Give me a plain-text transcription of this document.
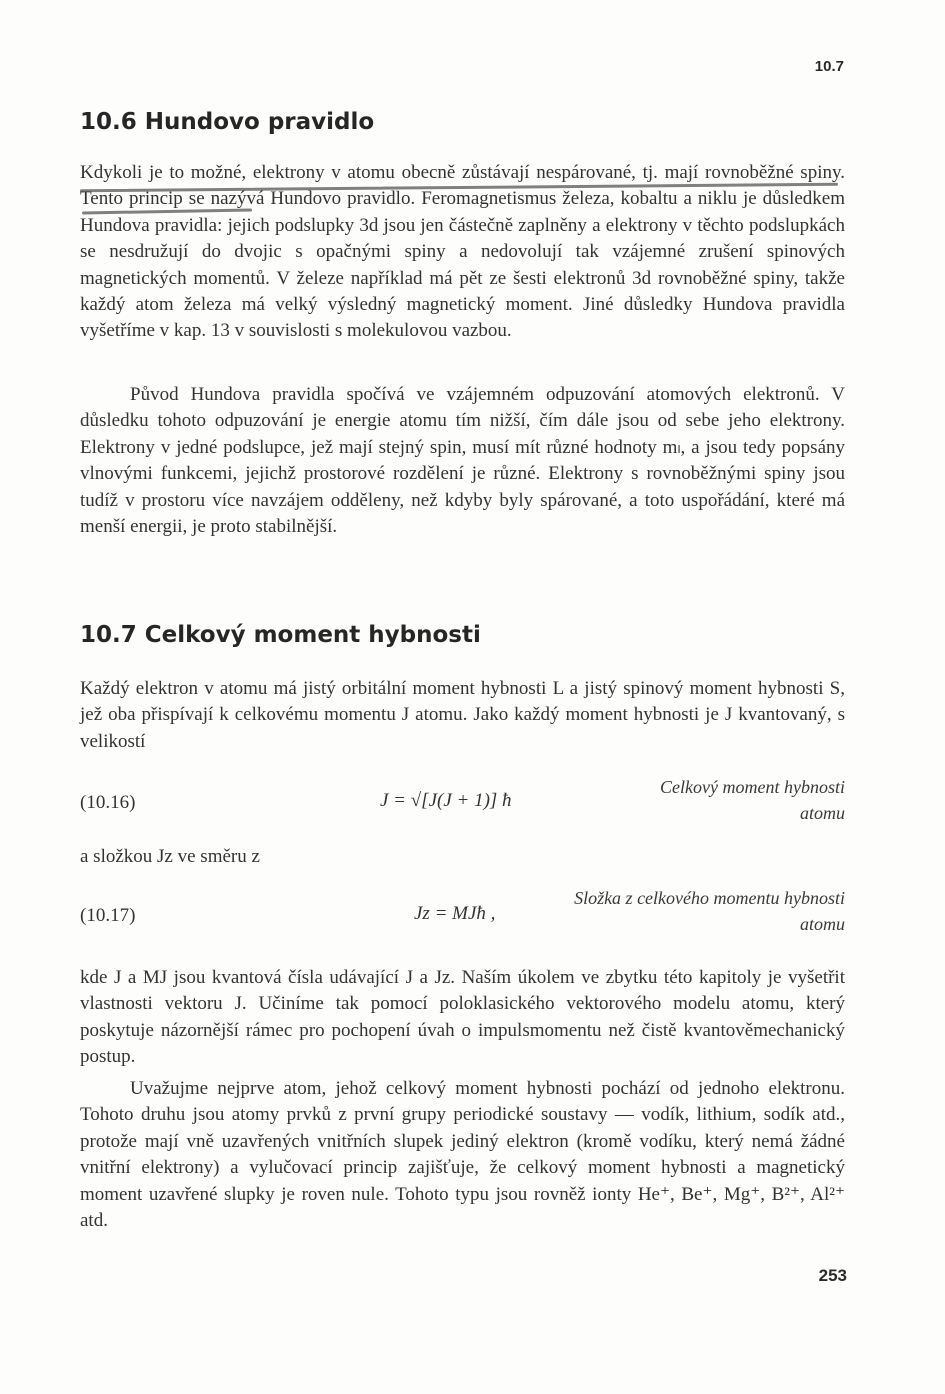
10.7
10.6 Hundovo pravidlo

Kdykoli je to možné, elektrony v atomu obecně zůstávají nespárované, tj. mají rovnoběžné spiny. Tento princip se nazývá Hundovo pravidlo. Feromagnetismus železa, kobaltu a niklu je důsledkem Hundova pravidla: jejich podslupky 3d jsou jen částečně zaplněny a elektrony v těchto podslupkách se nesdružují do dvojic s opačnými spiny a nedovolují tak vzájemné zrušení spinových magnetických momentů. V železe například má pět ze šesti elektronů 3d rovnoběžné spiny, takže každý atom železa má velký výsledný magnetický moment. Jiné důsledky Hundova pravidla vyšetříme v kap. 13 v souvislosti s molekulovou vazbou.

Původ Hundova pravidla spočívá ve vzájemném odpuzování atomových elektronů. V důsledku tohoto odpuzování je energie atomu tím nižší, čím dále jsou od sebe jeho elektrony. Elektrony v jedné podslupce, jež mají stejný spin, musí mít různé hodnoty mₗ, a jsou tedy popsány vlnovými funkcemi, jejichž prostorové rozdělení je různé. Elektrony s rovnoběžnými spiny jsou tudíž v prostoru více navzájem odděleny, než kdyby byly spárované, a toto uspořádání, které má menší energii, je proto stabilnější.

10.7 Celkový moment hybnosti

Každý elektron v atomu má jistý orbitální moment hybnosti L a jistý spinový moment hybnosti S, jež oba přispívají k celkovému momentu J atomu. Jako každý moment hybnosti je J kvantovaný, s velikostí

(10.16)	J = √[J(J + 1)] ħ
Celkový moment hybnosti atomu

a složkou Jz ve směru z

(10.17)	Jz = MJħ ,
Složka z celkového momentu hybnosti atomu

kde J a MJ jsou kvantová čísla udávající J a Jz. Naším úkolem ve zbytku této kapitoly je vyšetřit vlastnosti vektoru J. Učiníme tak pomocí poloklasického vektorového modelu atomu, který poskytuje názornější rámec pro pochopení úvah o impulsmomentu než čistě kvantověmechanický postup.

Uvažujme nejprve atom, jehož celkový moment hybnosti pochází od jednoho elektronu. Tohoto druhu jsou atomy prvků z první grupy periodické soustavy — vodík, lithium, sodík atd., protože mají vně uzavřených vnitřních slupek jediný elektron (kromě vodíku, který nemá žádné vnitřní elektrony) a vylučovací princip zajišťuje, že celkový moment hybnosti a magnetický moment uzavřené slupky je roven nule. Tohoto typu jsou rovněž ionty He⁺, Be⁺, Mg⁺, B²⁺, Al²⁺ atd.

253
